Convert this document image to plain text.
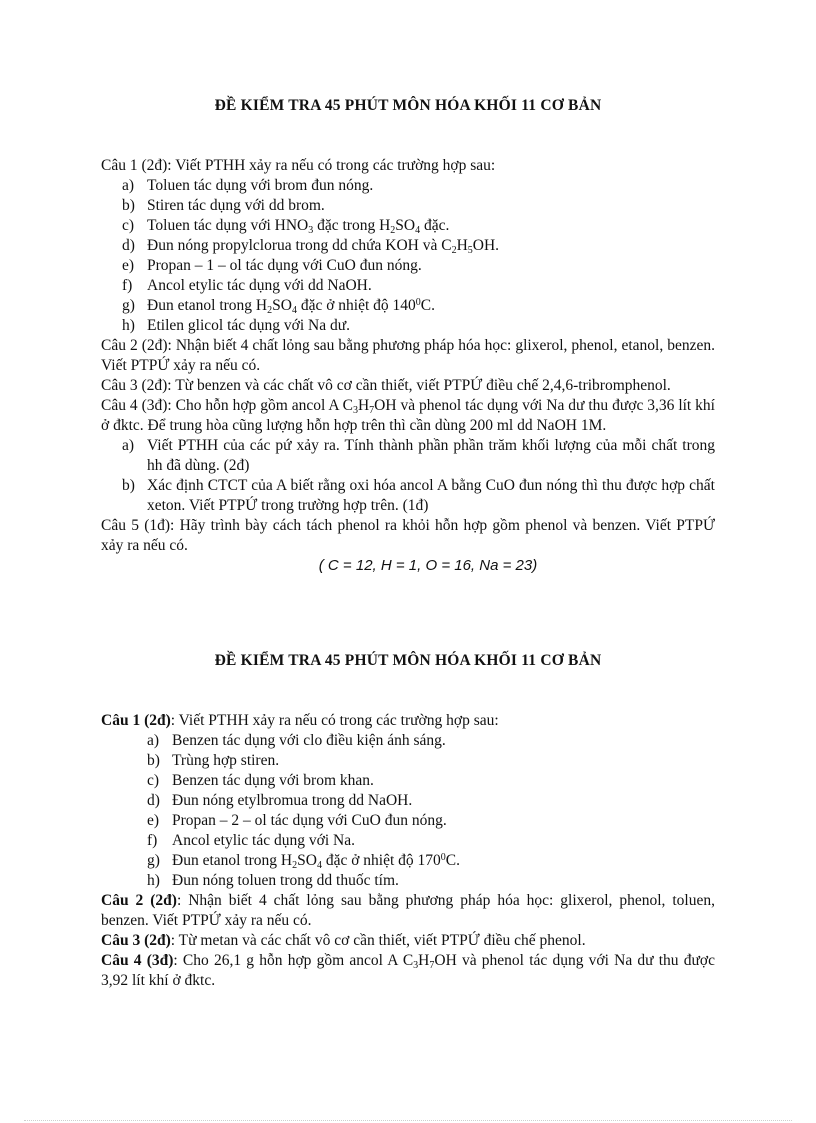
ĐỀ KIỂM TRA 45 PHÚT MÔN HÓA KHỐI 11 CƠ BẢN

Câu 1 (2đ): Viết PTHH xảy ra nếu có trong các trường hợp sau:

a) Toluen tác dụng với brom đun nóng.
b) Stiren tác dụng với dd brom.
c) Toluen tác dụng với $HNO_3$ đặc trong $H_2SO_4$ đặc.
d) Đun nóng propylclorua trong dd chứa KOH và $C_2H_5OH$.
e) Propan – 1 – ol tác dụng với CuO đun nóng.
f) Ancol etylic tác dụng với dd NaOH.
g) Đun etanol trong $H_2SO_4$ đặc ở nhiệt độ $140^0C$.
h) Etilen glicol tác dụng với Na dư.

Câu 2 (2đ): Nhận biết 4 chất lỏng sau bằng phương pháp hóa học: glixerol, phenol, etanol, benzen. Viết PTPỨ xảy ra nếu có.

Câu 3 (2đ): Từ benzen và các chất vô cơ cần thiết, viết PTPỨ điều chế 2,4,6-tribromphenol.

Câu 4 (3đ): Cho hỗn hợp gồm ancol A $C_3H_7OH$ và phenol tác dụng với Na dư thu được 3,36 lít khí ở đktc. Để trung hòa cũng lượng hỗn hợp trên thì cần dùng 200 ml dd NaOH 1M.

a) Viết PTHH của các pứ xảy ra. Tính thành phần phần trăm khối lượng của mỗi chất trong hh đã dùng. (2đ)
b) Xác định CTCT của A biết rằng oxi hóa ancol A bằng CuO đun nóng thì thu được hợp chất xeton. Viết PTPỨ trong trường hợp trên. (1đ)

Câu 5 (1đ): Hãy trình bày cách tách phenol ra khỏi hỗn hợp gồm phenol và benzen. Viết PTPỨ xảy ra nếu có.

( C = 12, H = 1, O = 16, Na = 23)

ĐỀ KIỂM TRA 45 PHÚT MÔN HÓA KHỐI 11 CƠ BẢN

Câu 1 (2đ): Viết PTHH xảy ra nếu có trong các trường hợp sau:

a) Benzen tác dụng với clo điều kiện ánh sáng.
b) Trùng hợp stiren.
c) Benzen tác dụng với brom khan.
d) Đun nóng etylbromua trong dd NaOH.
e) Propan – 2 – ol tác dụng với CuO đun nóng.
f) Ancol etylic tác dụng với Na.
g) Đun etanol trong $H_2SO_4$ đặc ở nhiệt độ $170^0C$.
h) Đun nóng toluen trong dd thuốc tím.

Câu 2 (2đ): Nhận biết 4 chất lỏng sau bằng phương pháp hóa học: glixerol, phenol, toluen, benzen. Viết PTPỨ xảy ra nếu có.

Câu 3 (2đ): Từ metan và các chất vô cơ cần thiết, viết PTPỨ điều chế phenol.

Câu 4 (3đ): Cho 26,1 g hỗn hợp gồm ancol A $C_3H_7OH$ và phenol tác dụng với Na dư thu được 3,92 lít khí ở đktc.
